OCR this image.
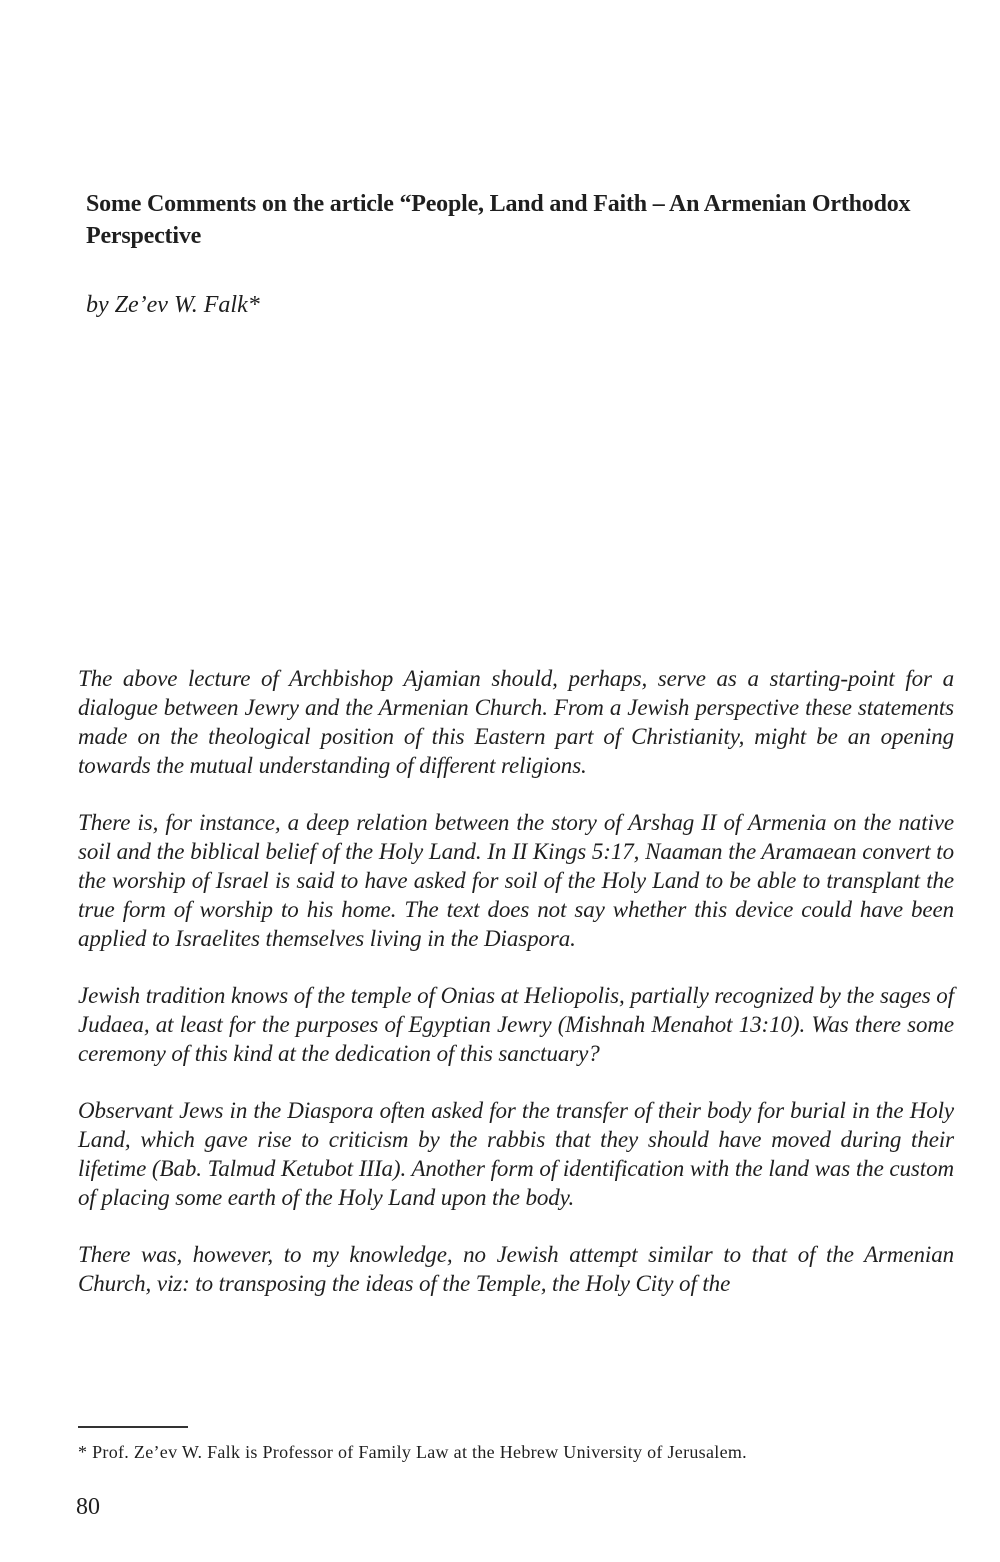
Some Comments on the article “People, Land and Faith – An Armenian Orthodox Perspective

by Ze’ev W. Falk*

The above lecture of Archbishop Ajamian should, perhaps, serve as a starting-point for a dialogue between Jewry and the Armenian Church. From a Jewish perspective these statements made on the theological position of this Eastern part of Christianity, might be an opening towards the mutual understanding of different religions.

There is, for instance, a deep relation between the story of Arshag II of Armenia on the native soil and the biblical belief of the Holy Land. In II Kings 5:17, Naaman the Aramaean convert to the worship of Israel is said to have asked for soil of the Holy Land to be able to transplant the true form of worship to his home. The text does not say whether this device could have been applied to Israelites themselves living in the Diaspora.

Jewish tradition knows of the temple of Onias at Heliopolis, partially recognized by the sages of Judaea, at least for the purposes of Egyptian Jewry (Mishnah Menahot 13:10). Was there some ceremony of this kind at the dedication of this sanctuary?

Observant Jews in the Diaspora often asked for the transfer of their body for burial in the Holy Land, which gave rise to criticism by the rabbis that they should have moved during their lifetime (Bab. Talmud Ketubot IIIa). Another form of identification with the land was the custom of placing some earth of the Holy Land upon the body.

There was, however, to my knowledge, no Jewish attempt similar to that of the Armenian Church, viz: to transposing the ideas of the Temple, the Holy City of the

* Prof. Ze’ev W. Falk is Professor of Family Law at the Hebrew University of Jerusalem.

80
